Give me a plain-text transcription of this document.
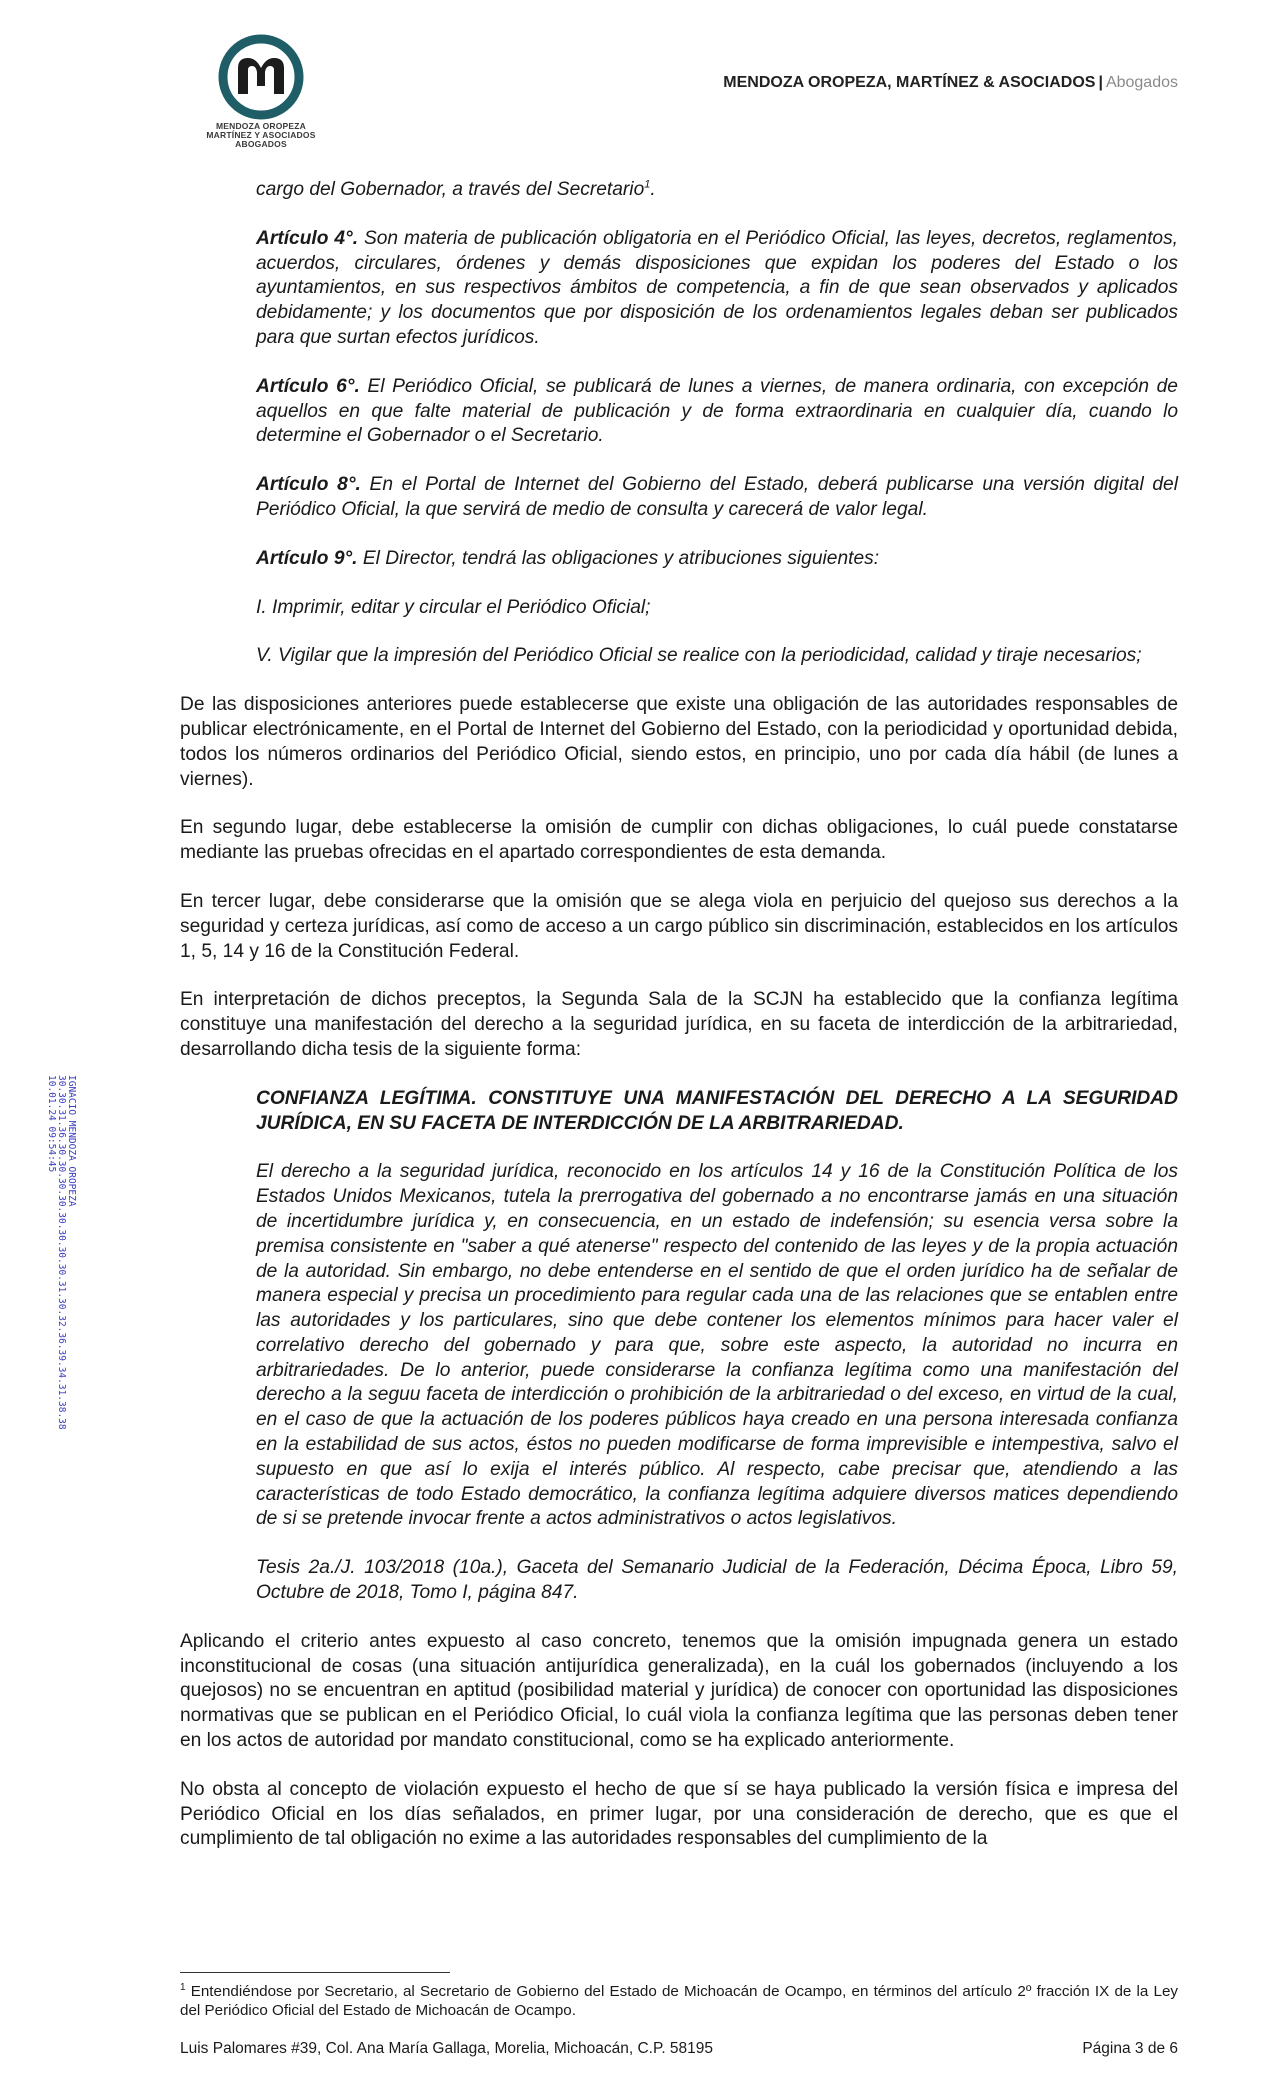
MENDOZA OROPEZA
MARTÍNEZ Y ASOCIADOS
ABOGADOS
MENDOZA OROPEZA, MARTÍNEZ & ASOCIADOS | Abogados

cargo del Gobernador, a través del Secretario$^1$.

Artículo 4°. Son materia de publicación obligatoria en el Periódico Oficial, las leyes, decretos, reglamentos, acuerdos, circulares, órdenes y demás disposiciones que expidan los poderes del Estado o los ayuntamientos, en sus respectivos ámbitos de competencia, a fin de que sean observados y aplicados debidamente; y los documentos que por disposición de los ordenamientos legales deban ser publicados para que surtan efectos jurídicos.

Artículo 6°. El Periódico Oficial, se publicará de lunes a viernes, de manera ordinaria, con excepción de aquellos en que falte material de publicación y de forma extraordinaria en cualquier día, cuando lo determine el Gobernador o el Secretario.

Artículo 8°. En el Portal de Internet del Gobierno del Estado, deberá publicarse una versión digital del Periódico Oficial, la que servirá de medio de consulta y carecerá de valor legal.

Artículo 9°. El Director, tendrá las obligaciones y atribuciones siguientes:

I. Imprimir, editar y circular el Periódico Oficial;

V. Vigilar que la impresión del Periódico Oficial se realice con la periodicidad, calidad y tiraje necesarios;

De las disposiciones anteriores puede establecerse que existe una obligación de las autoridades responsables de publicar electrónicamente, en el Portal de Internet del Gobierno del Estado, con la periodicidad y oportunidad debida, todos los números ordinarios del Periódico Oficial, siendo estos, en principio, uno por cada día hábil (de lunes a viernes).

En segundo lugar, debe establecerse la omisión de cumplir con dichas obligaciones, lo cuál puede constatarse mediante las pruebas ofrecidas en el apartado correspondientes de esta demanda.

En tercer lugar, debe considerarse que la omisión que se alega viola en perjuicio del quejoso sus derechos a la seguridad y certeza jurídicas, así como de acceso a un cargo público sin discriminación, establecidos en los artículos 1, 5, 14 y 16 de la Constitución Federal.

En interpretación de dichos preceptos, la Segunda Sala de la SCJN ha establecido que la confianza legítima constituye una manifestación del derecho a la seguridad jurídica, en su faceta de interdicción de la arbitrariedad, desarrollando dicha tesis de la siguiente forma:

CONFIANZA LEGÍTIMA. CONSTITUYE UNA MANIFESTACIÓN DEL DERECHO A LA SEGURIDAD JURÍDICA, EN SU FACETA DE INTERDICCIÓN DE LA ARBITRARIEDAD.

El derecho a la seguridad jurídica, reconocido en los artículos 14 y 16 de la Constitución Política de los Estados Unidos Mexicanos, tutela la prerrogativa del gobernado a no encontrarse jamás en una situación de incertidumbre jurídica y, en consecuencia, en un estado de indefensión; su esencia versa sobre la premisa consistente en "saber a qué atenerse" respecto del contenido de las leyes y de la propia actuación de la autoridad. Sin embargo, no debe entenderse en el sentido de que el orden jurídico ha de señalar de manera especial y precisa un procedimiento para regular cada una de las relaciones que se entablen entre las autoridades y los particulares, sino que debe contener los elementos mínimos para hacer valer el correlativo derecho del gobernado y para que, sobre este aspecto, la autoridad no incurra en arbitrariedades. De lo anterior, puede considerarse la confianza legítima como una manifestación del derecho a la seguu faceta de interdicción o prohibición de la arbitrariedad o del exceso, en virtud de la cual, en el caso de que la actuación de los poderes públicos haya creado en una persona interesada confianza en la estabilidad de sus actos, éstos no pueden modificarse de forma imprevisible e intempestiva, salvo el supuesto en que así lo exija el interés público. Al respecto, cabe precisar que, atendiendo a las características de todo Estado democrático, la confianza legítima adquiere diversos matices dependiendo de si se pretende invocar frente a actos administrativos o actos legislativos.

Tesis 2a./J. 103/2018 (10a.), Gaceta del Semanario Judicial de la Federación, Décima Época, Libro 59, Octubre de 2018, Tomo I, página 847.

Aplicando el criterio antes expuesto al caso concreto, tenemos que la omisión impugnada genera un estado inconstitucional de cosas (una situación antijurídica generalizada), en la cuál los gobernados (incluyendo a los quejosos) no se encuentran en aptitud (posibilidad material y jurídica) de conocer con oportunidad las disposiciones normativas que se publican en el Periódico Oficial, lo cuál viola la confianza legítima que las personas deben tener en los actos de autoridad por mandato constitucional, como se ha explicado anteriormente.

No obsta al concepto de violación expuesto el hecho de que sí se haya publicado la versión física e impresa del Periódico Oficial en los días señalados, en primer lugar, por una consideración de derecho, que es que el cumplimiento de tal obligación no exime a las autoridades responsables del cumplimiento de la

IGNACIO MENDOZA OROPEZA 30.30.31.36.30.30.30.30.30.30.30.30.31.30.32.36.39.34.31.38.38 10.01.24 09:54:45
$^1$ Entendiéndose por Secretario, al Secretario de Gobierno del Estado de Michoacán de Ocampo, en términos del artículo 2º fracción IX de la Ley del Periódico Oficial del Estado de Michoacán de Ocampo.
Luis Palomares #39, Col. Ana María Gallaga, Morelia, Michoacán, C.P. 58195	Página 3 de 6
